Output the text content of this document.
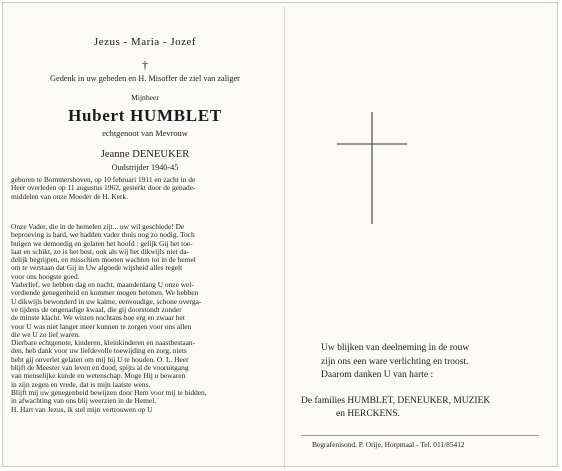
Jezus - Maria - Jozef
†
Gedenk in uw gebeden en H. Misoffer de ziel van zaliger
Mijnheer
Hubert HUMBLET
echtgenoot van Mevrouw
Jeanne DENEUKER
Oudstrijder 1940-45
geboren te Bommershoven, op 10 februari 1911 en zacht in de
Heer overleden op 11 augustus 1962, gesterkt door de genade-
middelen van onze Moeder de H. Kerk.
Onze Vader, die in de hemelen zijt... uw wil geschiede! De
beproeving is hard, we hadden vader thuis nog zo nodig. Toch
buigen we demoedig en gelaten het hoofd : gelijk Gij het toe-
laat en schikt, zo is het best, ook als wij het dikwijls niet da-
delijk begrijpen, en misschien moeten wachten tot in de hemel
om te verstaan dat Gij in Uw algoede wijsheid alles regelt
voor ons hoogste goed.
Vaderlief, we hebben dag en nacht, maandenlang U onze wel-
verdiende genegenheid en kommer mogen betonen. We hebben
U dikwijls bewonderd in uw kalme, eenvoudige, schone overga-
ve tijdens de ongenadige kwaal, die gij doorstondt zonder
de minste klacht. We wisten nochtans hoe erg en zwaar het
voor U was niet langer meer kunnen te zorgen voor ons allen
die we U zo lief waren.
Dierbare echtgenote, kinderen, kleinkinderen en naastbestaan-
den, heb dank voor uw liefdevolle toewijding en zorg, niets
hebt gij onverlet gelaten om mij bij U te houden. O. L. Heer
blijft de Meester van leven en dood, spijts al de vooruitgang
van menselijke kunde en wetenschap. Moge Hij u bewaren
in zijn zegen en vrede, dat is mijn laatste wens.
Blijft mij uw genegenheid bewijzen door Hem voor mij te bidden,
in afwachting van ons blij weerzien in de Hemel.
H. Hart van Jezus, ik stel mijn vertrouwen op U
Uw blijken van deelneming in de rouw
zijn ons een ware verlichting en troost.
Daarom danken U van harte :
De families HUMBLET, DENEUKER, MUZIEK
en HERCKENS.
Begrafenisond. P. Orije, Horpmaal - Tel. 011/85412
